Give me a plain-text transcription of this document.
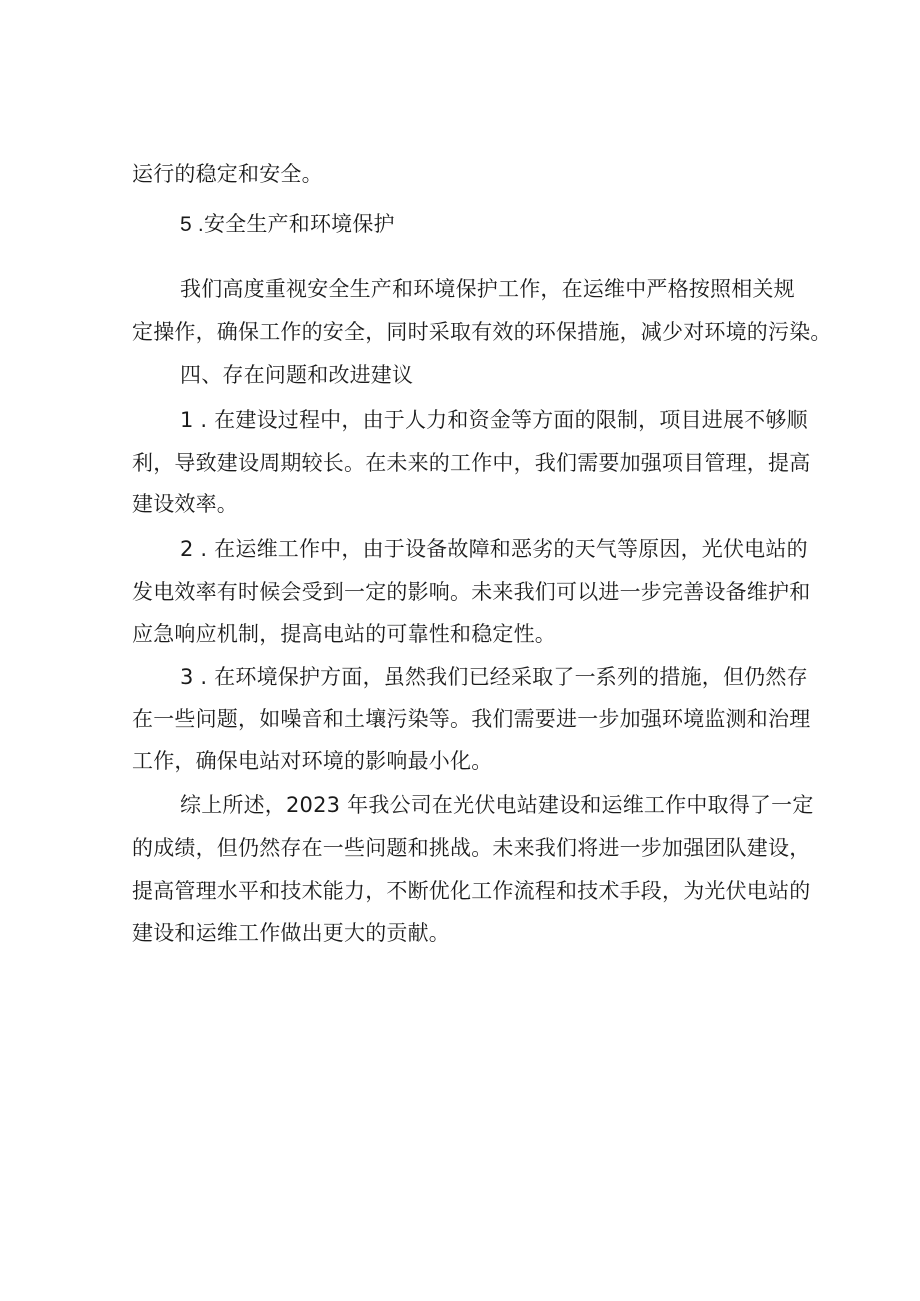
运行的稳定和安全。

5 .安全生产和环境保护

我们高度重视安全生产和环境保护工作，在运维中严格按照相关规

定操作，确保工作的安全，同时采取有效的环保措施，减少对环境的污染。

四、存在问题和改进建议

1 . 在建设过程中，由于人力和资金等方面的限制，项目进展不够顺

利，导致建设周期较长。在未来的工作中，我们需要加强项目管理，提高

建设效率。

2 . 在运维工作中，由于设备故障和恶劣的天气等原因，光伏电站的

发电效率有时候会受到一定的影响。未来我们可以进一步完善设备维护和

应急响应机制，提高电站的可靠性和稳定性。

3 . 在环境保护方面，虽然我们已经采取了一系列的措施，但仍然存

在一些问题，如噪音和土壤污染等。我们需要进一步加强环境监测和治理

工作，确保电站对环境的影响最小化。

综上所述，2023 年我公司在光伏电站建设和运维工作中取得了一定

的成绩，但仍然存在一些问题和挑战。未来我们将进一步加强团队建设，

提高管理水平和技术能力，不断优化工作流程和技术手段，为光伏电站的

建设和运维工作做出更大的贡献。
